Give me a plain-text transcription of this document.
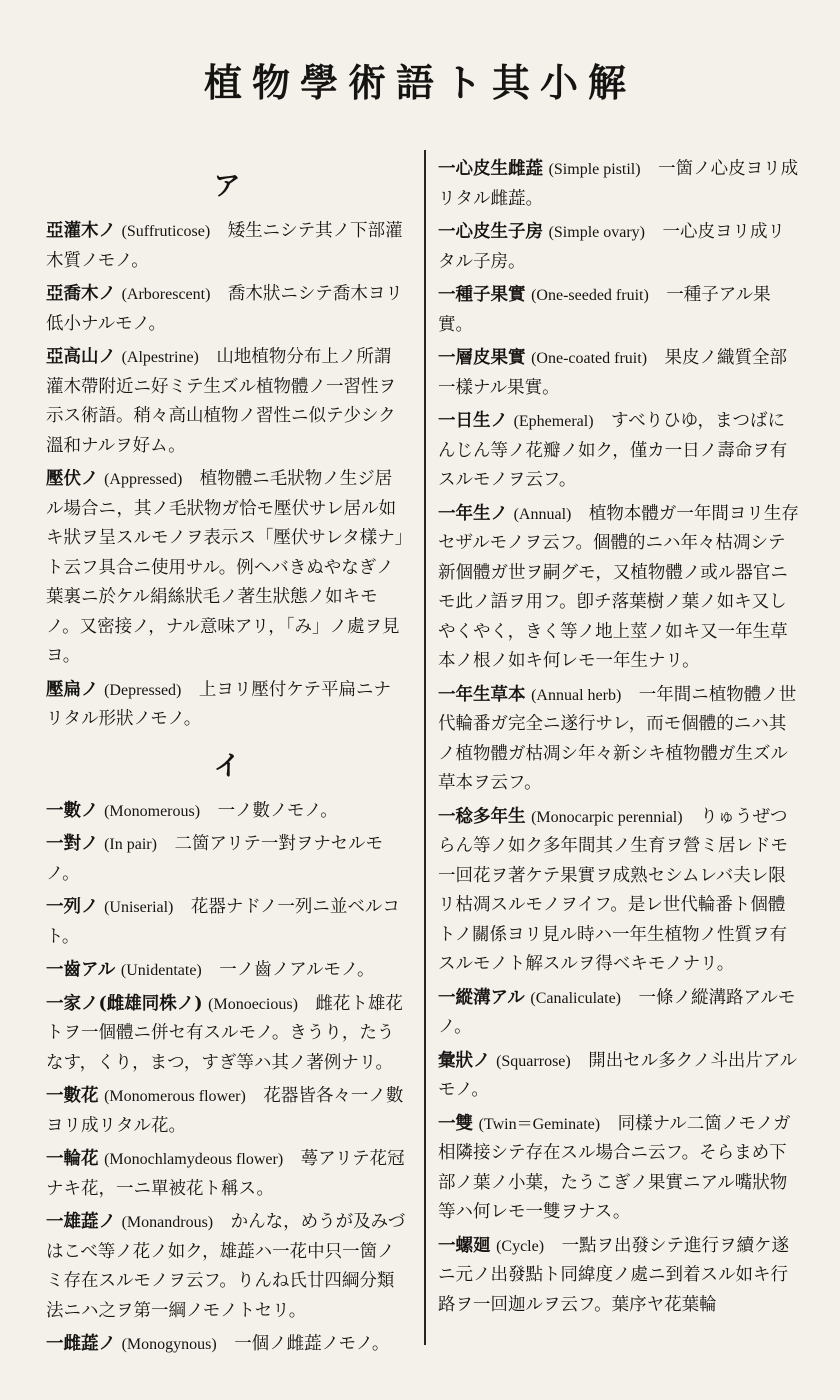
植物學術語ト其小解
ア

亞灌木ノ (Suffruticose)　 矮生ニシテ其ノ下部灌木質ノモノ。

亞喬木ノ (Arborescent)　 喬木狀ニシテ喬木ヨリ低小ナルモノ。

亞高山ノ (Alpestrine)　 山地植物分布上ノ所謂灌木帶附近ニ好ミテ生ズル植物體ノ一習性ヲ示ス術語。稍々高山植物ノ習性ニ似テ少シク溫和ナルヲ好ム。

壓伏ノ (Appressed)　 植物體ニ毛狀物ノ生ジ居ル場合ニ，其ノ毛狀物ガ恰モ壓伏サレ居ル如キ狀ヲ呈スルモノヲ表示ス「壓伏サレタ樣ナ」ト云フ具合ニ使用サル。例ヘバきぬやなぎノ葉裏ニ於ケル絹絲狀毛ノ著生狀態ノ如キモノ。又密接ノ，ナル意味アリ，「み」ノ處ヲ見ヨ。

壓扁ノ (Depressed)　 上ヨリ壓付ケテ平扁ニナリタル形狀ノモノ。

イ

一數ノ (Monomerous)　 一ノ數ノモノ。

一對ノ (In pair)　 二箇アリテ一對ヲナセルモノ。

一列ノ (Uniserial)　 花器ナドノ一列ニ並ベルコト。

一齒アル (Unidentate)　 一ノ齒ノアルモノ。

一家ノ(雌雄同株ノ) (Monoecious)　 雌花ト雄花トヲ一個體ニ併セ有スルモノ。きうり，たうなす，くり，まつ，すぎ等ハ其ノ著例ナリ。

一數花 (Monomerous flower)　 花器皆各々一ノ數ヨリ成リタル花。

一輪花 (Monochlamydeous flower)　 蕚アリテ花冠ナキ花，一ニ單被花ト稱ス。

一雄蕋ノ (Monandrous)　 かんな，めうが及みづはこべ等ノ花ノ如ク，雄蕋ハ一花中只一箇ノミ存在スルモノヲ云フ。りんね氏廿四綱分類法ニハ之ヲ第一綱ノモノトセリ。

一雌蕋ノ (Monogynous)　 一個ノ雌蕋ノモノ。

一心皮生雌蕋 (Simple pistil)　 一箇ノ心皮ヨリ成リタル雌蕋。

一心皮生子房 (Simple ovary)　 一心皮ヨリ成リタル子房。

一種子果實 (One-seeded fruit)　 一種子アル果實。

一層皮果實 (One-coated fruit)　 果皮ノ織質全部一樣ナル果實。

一日生ノ (Ephemeral)　 すべりひゆ，まつばにんじん等ノ花瓣ノ如ク，僅カ一日ノ壽命ヲ有スルモノヲ云フ。

一年生ノ (Annual)　 植物本體ガ一年間ヨリ生存セザルモノヲ云フ。個體的ニハ年々枯凋シテ新個體ガ世ヲ嗣グモ，又植物體ノ或ル器官ニモ此ノ語ヲ用フ。卽チ落葉樹ノ葉ノ如キ又しやくやく，きく等ノ地上莖ノ如キ又一年生草本ノ根ノ如キ何レモ一年生ナリ。

一年生草本 (Annual herb)　 一年間ニ植物體ノ世代輪番ガ完全ニ遂行サレ，而モ個體的ニハ其ノ植物體ガ枯凋シ年々新シキ植物體ガ生ズル草本ヲ云フ。

一稔多年生 (Monocarpic perennial)　 りゅうぜつらん等ノ如ク多年間其ノ生育ヲ營ミ居レドモ一回花ヲ著ケテ果實ヲ成熟セシムレバ夫レ限リ枯凋スルモノヲイフ。是レ世代輪番ト個體トノ關係ヨリ見ル時ハ一年生植物ノ性質ヲ有スルモノト解スルヲ得ベキモノナリ。

一縱溝アル (Canaliculate)　 一條ノ縱溝路アルモノ。

彙狀ノ (Squarrose)　 開出セル多クノ斗出片アルモノ。

一雙 (Twin＝Geminate)　 同樣ナル二箇ノモノガ相隣接シテ存在スル場合ニ云フ。そらまめ下部ノ葉ノ小葉，たうこぎノ果實ニアル嘴狀物等ハ何レモ一雙ヲナス。

一螺廻 (Cycle)　 一點ヲ出發シテ進行ヲ續ケ遂ニ元ノ出發點ト同緯度ノ處ニ到着スル如キ行路ヲ一回迦ルヲ云フ。葉序ヤ花葉輪
